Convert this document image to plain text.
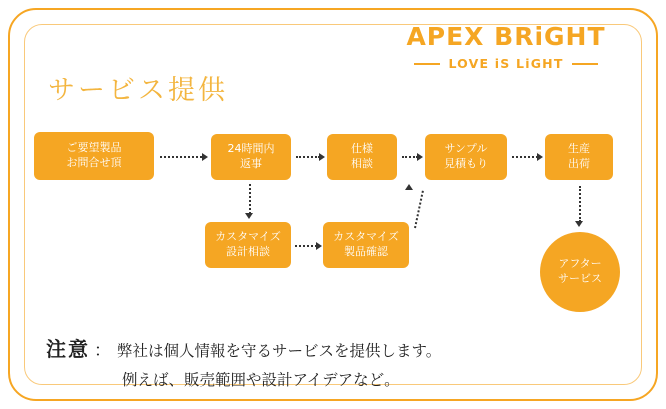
APEX BRiGHT
LOVE iS LiGHT
サービス提供
ご要望製品
お問合せ頂
24時間内
返事
仕様
相談
サンプル
見積もり
生産
出荷
カスタマイズ
設計相談
カスタマイズ
製品確認
アフター
サービス
注意 ： 弊社は個人情報を守るサービスを提供します。
例えば、販売範囲や設計アイデアなど。
